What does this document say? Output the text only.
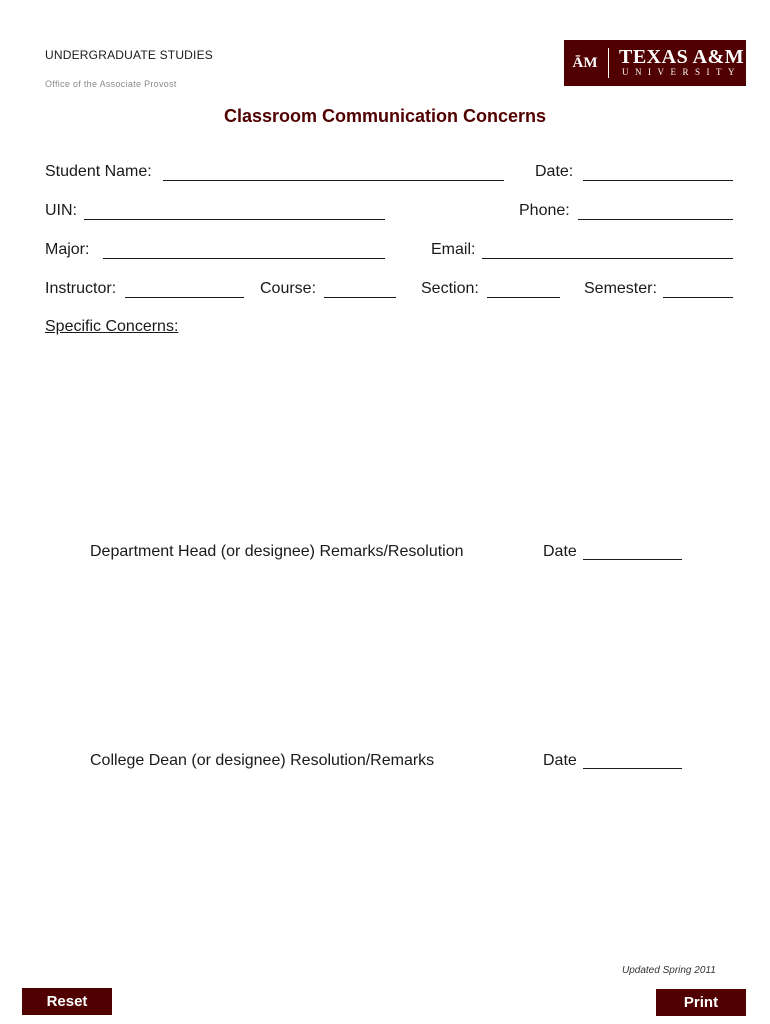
UNDERGRADUATE STUDIES
Office of the Associate Provost
ĀM TEXAS A&M
UNIVERSITY
Classroom Communication Concerns
Student Name:	Date:
UIN:	Phone:
Major:	Email:
Instructor:	Course:	Section:	Semester:
Specific Concerns:
Department Head (or designee) Remarks/Resolution	Date
College Dean (or designee) Resolution/Remarks	Date
Updated Spring 2011
Reset	Print
